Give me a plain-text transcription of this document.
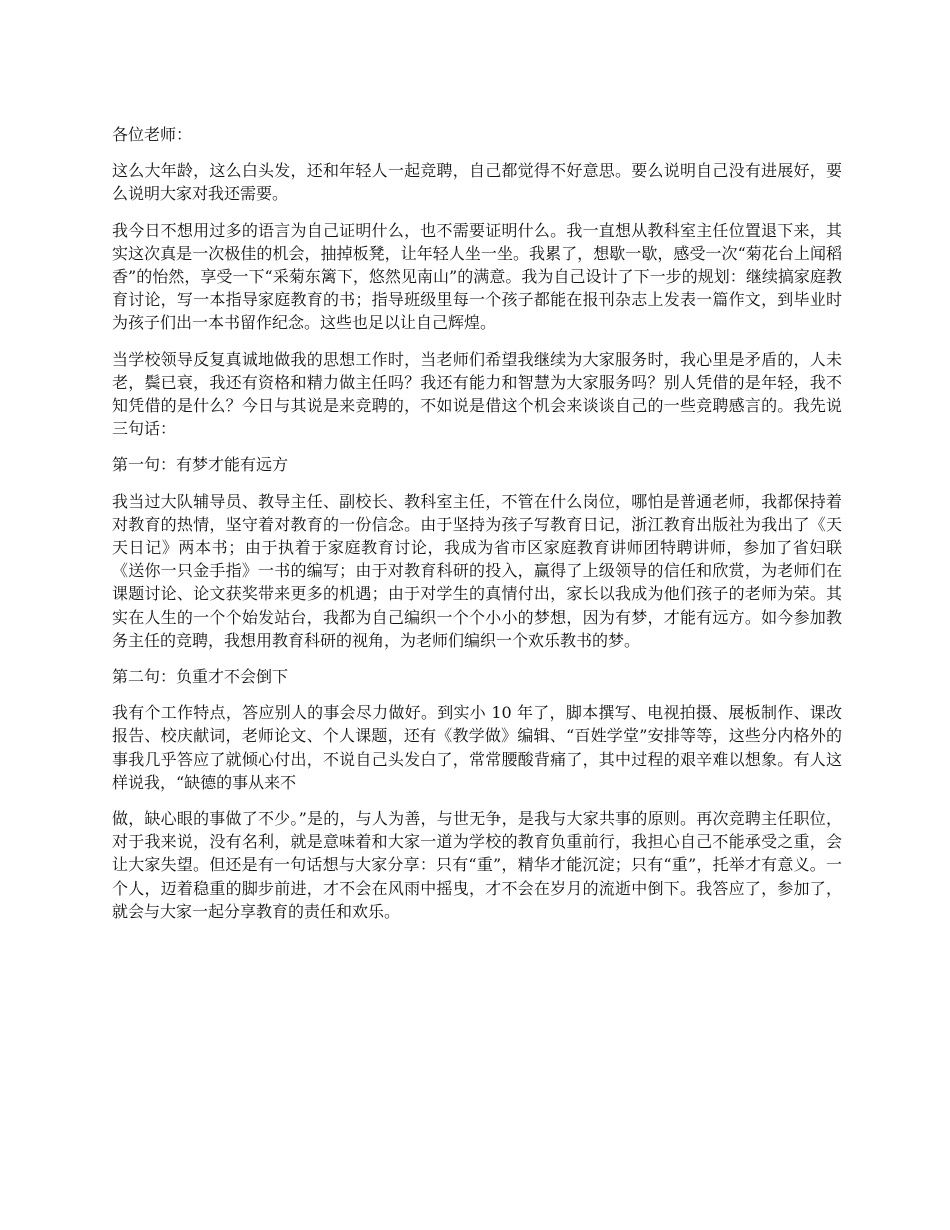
各位老师：

这么大年龄，这么白头发，还和年轻人一起竞聘，自己都觉得不好意思。要么说明自己没有进展好，要么说明大家对我还需要。

我今日不想用过多的语言为自己证明什么，也不需要证明什么。我一直想从教科室主任位置退下来，其实这次真是一次极佳的机会，抽掉板凳，让年轻人坐一坐。我累了，想歇一歇，感受一次“菊花台上闻稻香”的怡然，享受一下“采菊东篱下，悠然见南山”的满意。我为自己设计了下一步的规划：继续搞家庭教育讨论，写一本指导家庭教育的书；指导班级里每一个孩子都能在报刊杂志上发表一篇作文，到毕业时为孩子们出一本书留作纪念。这些也足以让自己辉煌。

当学校领导反复真诚地做我的思想工作时，当老师们希望我继续为大家服务时，我心里是矛盾的，人未老，鬓已衰，我还有资格和精力做主任吗？我还有能力和智慧为大家服务吗？别人凭借的是年轻，我不知凭借的是什么？今日与其说是来竞聘的，不如说是借这个机会来谈谈自己的一些竞聘感言的。我先说三句话：

第一句：有梦才能有远方

我当过大队辅导员、教导主任、副校长、教科室主任，不管在什么岗位，哪怕是普通老师，我都保持着对教育的热情，坚守着对教育的一份信念。由于坚持为孩子写教育日记，浙江教育出版社为我出了《天天日记》两本书；由于执着于家庭教育讨论，我成为省市区家庭教育讲师团特聘讲师，参加了省妇联《送你一只金手指》一书的编写；由于对教育科研的投入，赢得了上级领导的信任和欣赏，为老师们在课题讨论、论文获奖带来更多的机遇；由于对学生的真情付出，家长以我成为他们孩子的老师为荣。其实在人生的一个个始发站台，我都为自己编织一个个小小的梦想，因为有梦，才能有远方。如今参加教务主任的竞聘，我想用教育科研的视角，为老师们编织一个欢乐教书的梦。

第二句：负重才不会倒下

我有个工作特点，答应别人的事会尽力做好。到实小 10 年了，脚本撰写、电视拍摄、展板制作、课改报告、校庆献词，老师论文、个人课题，还有《教学做》编辑、“百姓学堂”安排等等，这些分内格外的事我几乎答应了就倾心付出，不说自己头发白了，常常腰酸背痛了，其中过程的艰辛难以想象。有人这样说我，“缺德的事从来不

做，缺心眼的事做了不少。”是的，与人为善，与世无争，是我与大家共事的原则。再次竞聘主任职位，对于我来说，没有名利，就是意味着和大家一道为学校的教育负重前行，我担心自己不能承受之重，会让大家失望。但还是有一句话想与大家分享：只有“重”，精华才能沉淀；只有“重”，托举才有意义。一个人，迈着稳重的脚步前进，才不会在风雨中摇曳，才不会在岁月的流逝中倒下。我答应了，参加了，就会与大家一起分享教育的责任和欢乐。
